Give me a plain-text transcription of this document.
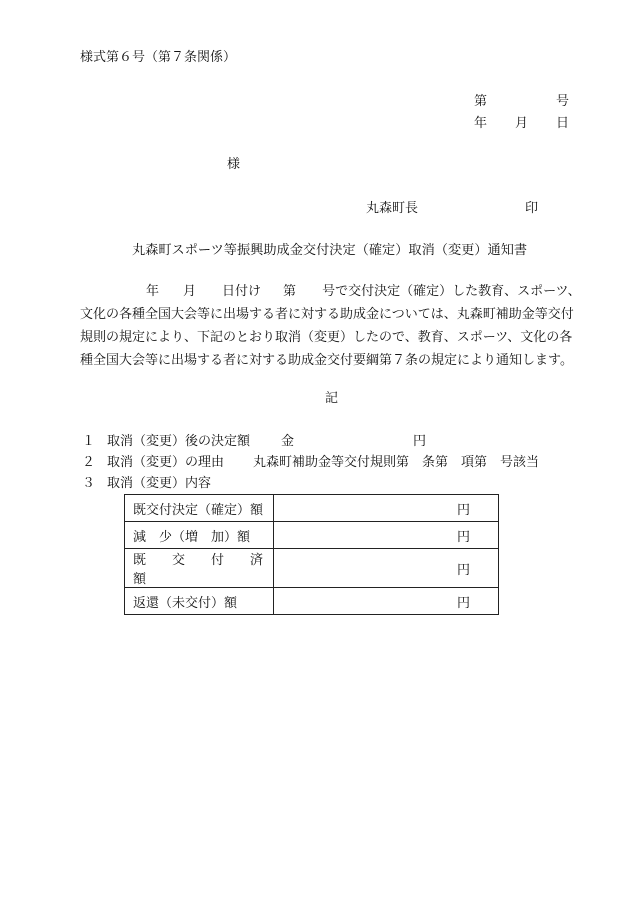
様式第６号（第７条関係）
第	号
年 月 日
様
丸森町長	印
丸森町スポーツ等振興助成金交付決定（確定）取消（変更）通知書
年 月 日付け 第 号で交付決定（確定）した教育、スポーツ、
文化の各種全国大会等に出場する者に対する助成金については、丸森町補助金等交付
規則の規定により、下記のとおり取消（変更）したので、教育、スポーツ、文化の各
種全国大会等に出場する者に対する助成金交付要綱第７条の規定により通知します。
記
１ 取消（変更）後の決定額 金	円
２ 取消（変更）の理由 丸森町補助金等交付規則第　条第　項第　号該当
３ 取消（変更）内容
既交付決定（確定）額	円
減　少（増　加）額	円
既　　交　　付　　済　　額	円
返還（未交付）額	円
